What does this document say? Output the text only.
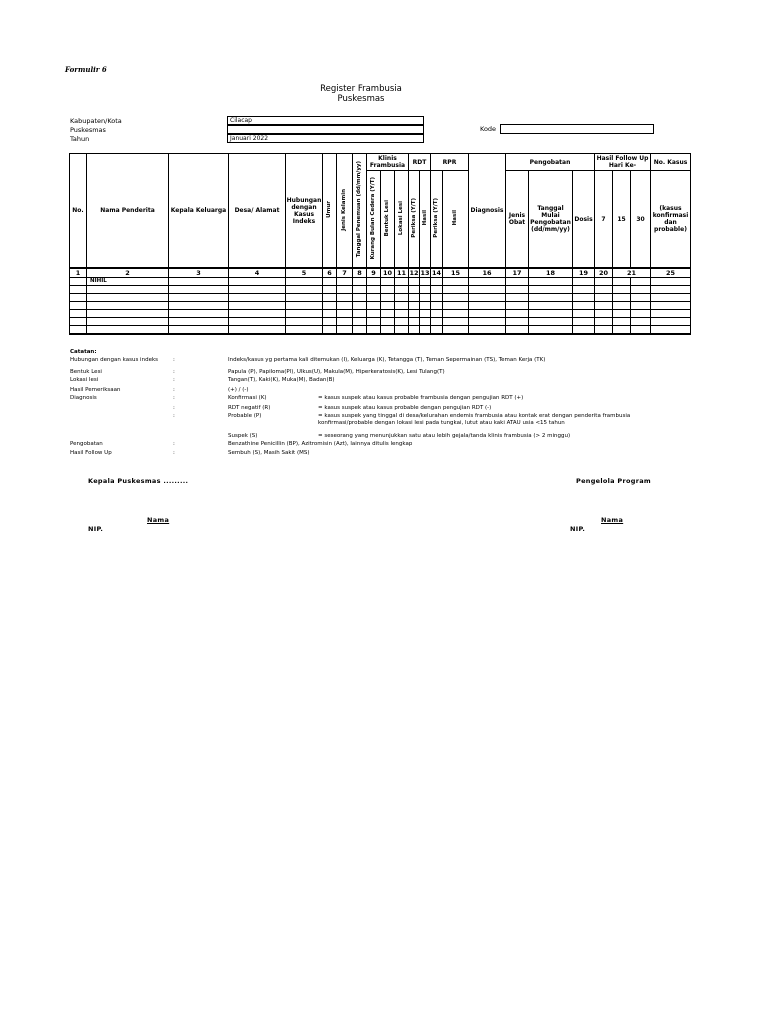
Formulir 6
Register Frambusia
Puskesmas
Kabupaten/Kota	Cilacap
Puskesmas
Tahun	Januari 2022
Kode
No.	Nama Penderita	Kepala Keluarga	Desa/ Alamat	Hubungan dengan Kasus Indeks	Umur	Jenis Kelamin	Tanggal Penemuan (dd/mm/yy)	Klinis Frambusia			RDT		RPR		Diagnosis	Pengobatan			Hasil Follow Up Hari Ke-			No. Kasus
								Kurang Bulan Cedera (Y/T)	Bentuk Lesi	Lokasi Lesi	Periksa (Y/T)	Hasil	Periksa (Y/T)	Hasil		Jenis Obat	Tanggal Mulai Pengobatan (dd/mm/yy)	Dosis	7	15	30	(kasus konfirmasi dan probable)
1	2	3	4	5	6	7	8	9	10	11	12	13	14	15	16	17	18	19	20	21		25
	NIHIL																					

Catatan:
Hubungan dengan kasus indeks	:	Indeks/kasus yg pertama kali ditemukan (I), Keluarga (K), Tetangga (T), Teman Sepermainan (TS), Teman Kerja (TK)
Bentuk Lesi	:	Papula (P), Papiloma(Pl), Ulkus(U), Makula(M), Hiperkeratosis(K), Lesi Tulang(T)
Lokasi lesi	:	Tangan(T), Kaki(K), Muka(M), Badan(B)
Hasil Pemeriksaan	:	(+) / (-)
Diagnosis	:	Konfirmasi (K)	= kasus suspek atau kasus probable frambusia dengan pengujian RDT (+)
:	RDT negatif (R)	= kasus suspek atau kasus probable dengan pengujian RDT (-)
:	Probable (P)	= kasus suspek yang tinggal di desa/kelurahan endemis frambusia atau kontak erat dengan penderita frambusia
konfirmasi/probable dengan lokasi lesi pada tungkai, lutut atau kaki ATAU usia <15 tahun
Suspek (S)	= seseorang yang menunjukkan satu atau lebih gejala/tanda klinis frambusia (> 2 minggu)
Pengobatan	:	Benzathine Penicillin (BP), Azitromisin (Azt), lainnya ditulis lengkap
Hasil Follow Up	:	Sembuh (S), Masih Sakit (MS)
Kepala Puskesmas .........
Nama
NIP.
Pengelola Program
Nama
NIP.
